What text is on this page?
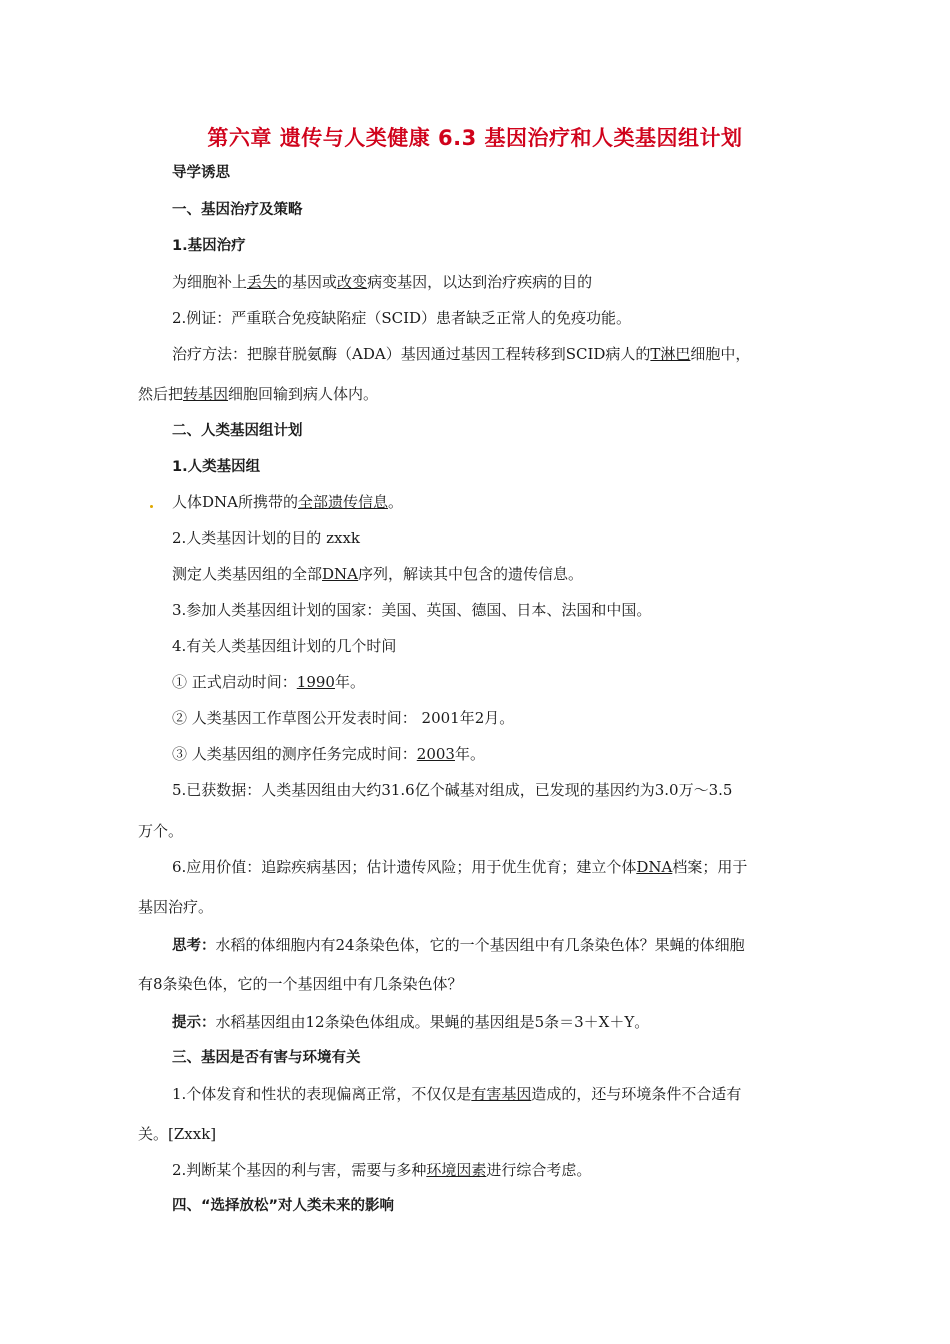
第六章 遗传与人类健康 6.3 基因治疗和人类基因组计划
导学诱思
一、基因治疗及策略
1.基因治疗
为细胞补上丢失的基因或改变病变基因，以达到治疗疾病的目的
2.例证：严重联合免疫缺陷症（SCID）患者缺乏正常人的免疫功能。
治疗方法：把腺苷脱氨酶（ADA）基因通过基因工程转移到SCID病人的T淋巴细胞中，
然后把转基因细胞回输到病人体内。
二、人类基因组计划
1.人类基因组
人体DNA所携带的全部遗传信息。
2.人类基因计划的目的 zxxk
测定人类基因组的全部DNA序列，解读其中包含的遗传信息。
3.参加人类基因组计划的国家：美国、英国、德国、日本、法国和中国。
4.有关人类基因组计划的几个时间
① 正式启动时间：1990年。
② 人类基因工作草图公开发表时间： 2001年2月。
③ 人类基因组的测序任务完成时间：2003年。
5.已获数据：人类基因组由大约31.6亿个碱基对组成，已发现的基因约为3.0万～3.5
万个。
6.应用价值：追踪疾病基因；估计遗传风险；用于优生优育；建立个体DNA档案；用于
基因治疗。
思考：水稻的体细胞内有24条染色体，它的一个基因组中有几条染色体？果蝇的体细胞
有8条染色体，它的一个基因组中有几条染色体？
提示：水稻基因组由12条染色体组成。果蝇的基因组是5条＝3＋X＋Y。
三、基因是否有害与环境有关
1.个体发育和性状的表现偏离正常，不仅仅是有害基因造成的，还与环境条件不合适有
关。[Zxxk]
2.判断某个基因的利与害，需要与多种环境因素进行综合考虑。
四、“选择放松”对人类未来的影响
